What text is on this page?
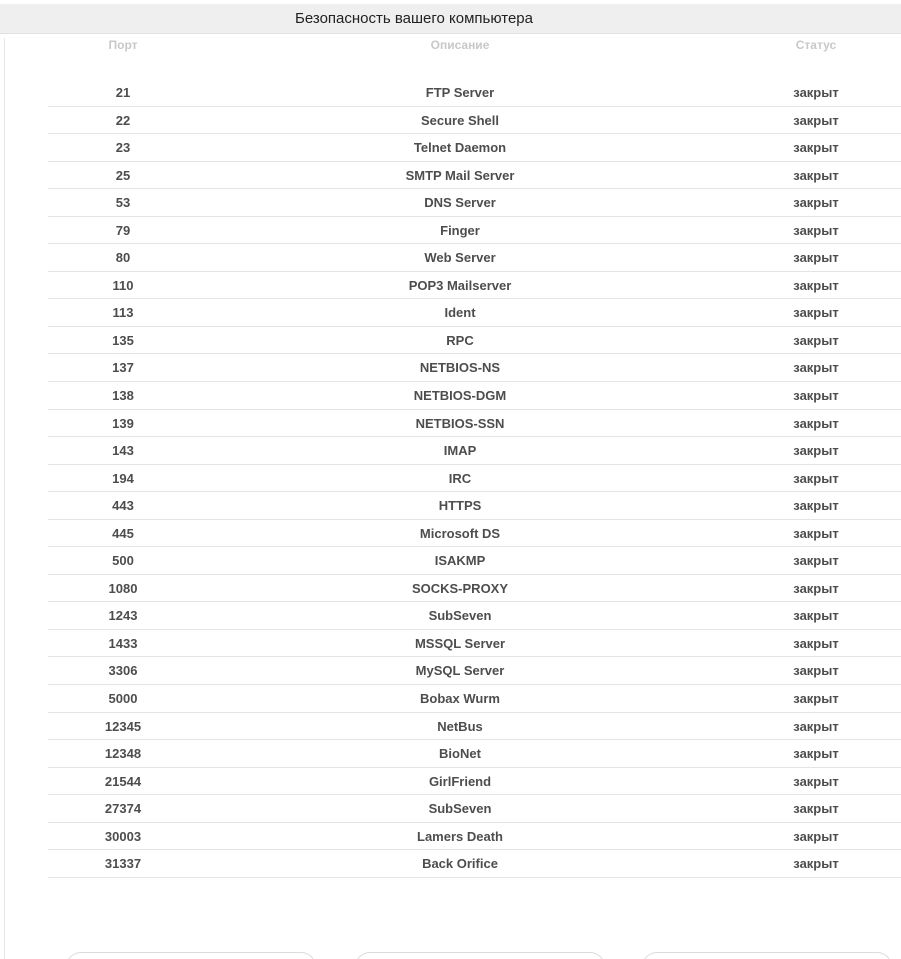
Безопасность вашего компьютера
Порт	Описание	Статус
21	FTP Server	закрыт
22	Secure Shell	закрыт
23	Telnet Daemon	закрыт
25	SMTP Mail Server	закрыт
53	DNS Server	закрыт
79	Finger	закрыт
80	Web Server	закрыт
110	POP3 Mailserver	закрыт
113	Ident	закрыт
135	RPC	закрыт
137	NETBIOS-NS	закрыт
138	NETBIOS-DGM	закрыт
139	NETBIOS-SSN	закрыт
143	IMAP	закрыт
194	IRC	закрыт
443	HTTPS	закрыт
445	Microsoft DS	закрыт
500	ISAKMP	закрыт
1080	SOCKS-PROXY	закрыт
1243	SubSeven	закрыт
1433	MSSQL Server	закрыт
3306	MySQL Server	закрыт
5000	Bobax Wurm	закрыт
12345	NetBus	закрыт
12348	BioNet	закрыт
21544	GirlFriend	закрыт
27374	SubSeven	закрыт
30003	Lamers Death	закрыт
31337	Back Orifice	закрыт
